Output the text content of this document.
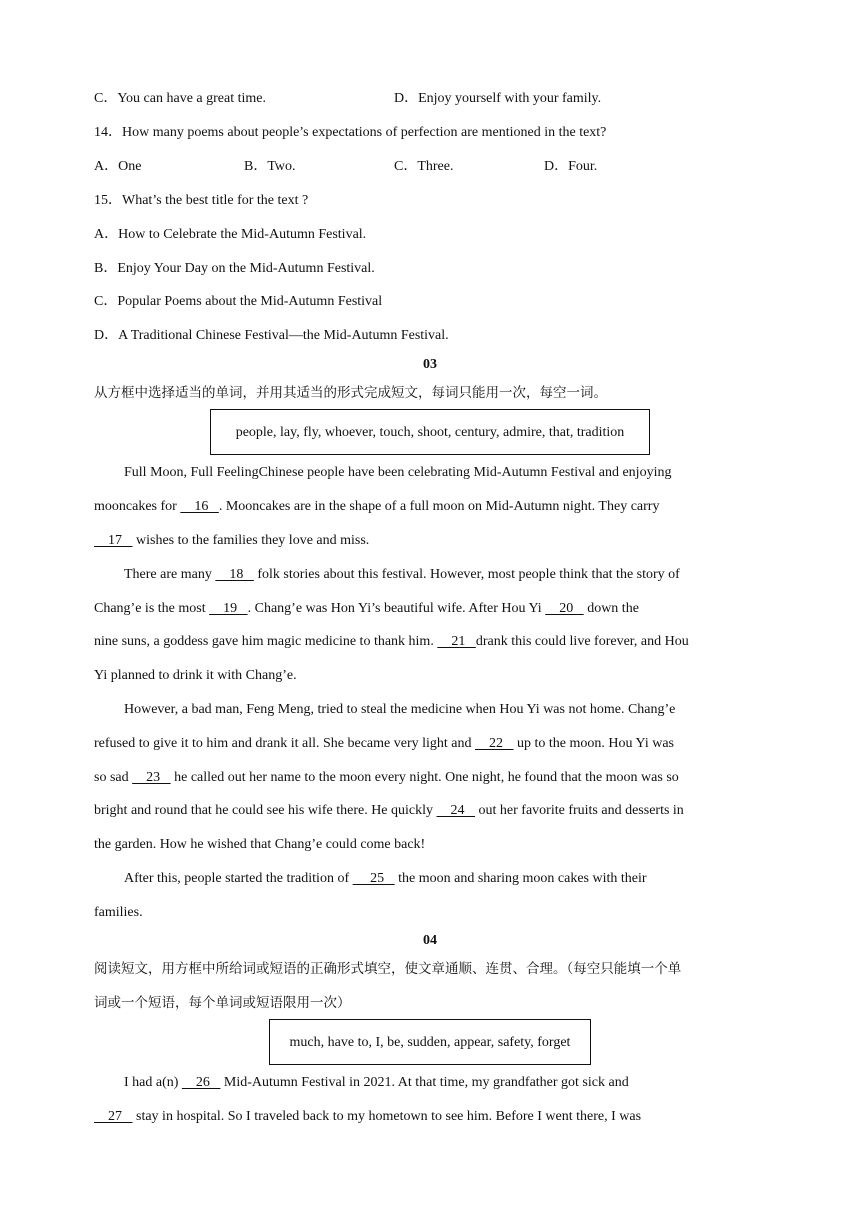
C．You can have a great time.	D．Enjoy yourself with your family.
14．How many poems about people’s expectations of perfection are mentioned in the text?
A．One	B．Two.	C．Three.	D．Four.
15．What’s the best title for the text ?
A．How to Celebrate the Mid-Autumn Festival.
B．Enjoy Your Day on the Mid-Autumn Festival.
C．Popular Poems about the Mid-Autumn Festival
D．A Traditional Chinese Festival—the Mid-Autumn Festival.
03
从方框中选择适当的单词，并用其适当的形式完成短文，每词只能用一次，每空一词。
people, lay, fly, whoever, touch, shoot, century, admire, that, tradition
Full Moon, Full FeelingChinese people have been celebrating Mid-Autumn Festival and enjoying
mooncakes for     16   . Mooncakes are in the shape of a full moon on Mid-Autumn night. They carry
17    wishes to the families they love and miss.
There are many     18    folk stories about this festival. However, most people think that the story of
Chang’e is the most     19   . Chang’e was Hon Yi’s beautiful wife. After Hou Yi     20    down the
nine suns, a goddess gave him magic medicine to thank him.     21   drank this could live forever, and Hou
Yi planned to drink it with Chang’e.
However, a bad man, Feng Meng, tried to steal the medicine when Hou Yi was not home. Chang’e
refused to give it to him and drank it all. She became very light and     22    up to the moon. Hou Yi was
so sad     23    he called out her name to the moon every night. One night, he found that the moon was so
bright and round that he could see his wife there. He quickly     24    out her favorite fruits and desserts in
the garden. How he wished that Chang’e could come back!
After this, people started the tradition of      25    the moon and sharing moon cakes with their
families.
04
阅读短文，用方框中所给词或短语的正确形式填空，使文章通顺、连贯、合理。（每空只能填一个单
词或一个短语，每个单词或短语限用一次）
much, have to, I, be, sudden, appear, safety, forget
I had a(n)     26    Mid-Autumn Festival in 2021. At that time, my grandfather got sick and
27    stay in hospital. So I traveled back to my hometown to see him. Before I went there, I was
